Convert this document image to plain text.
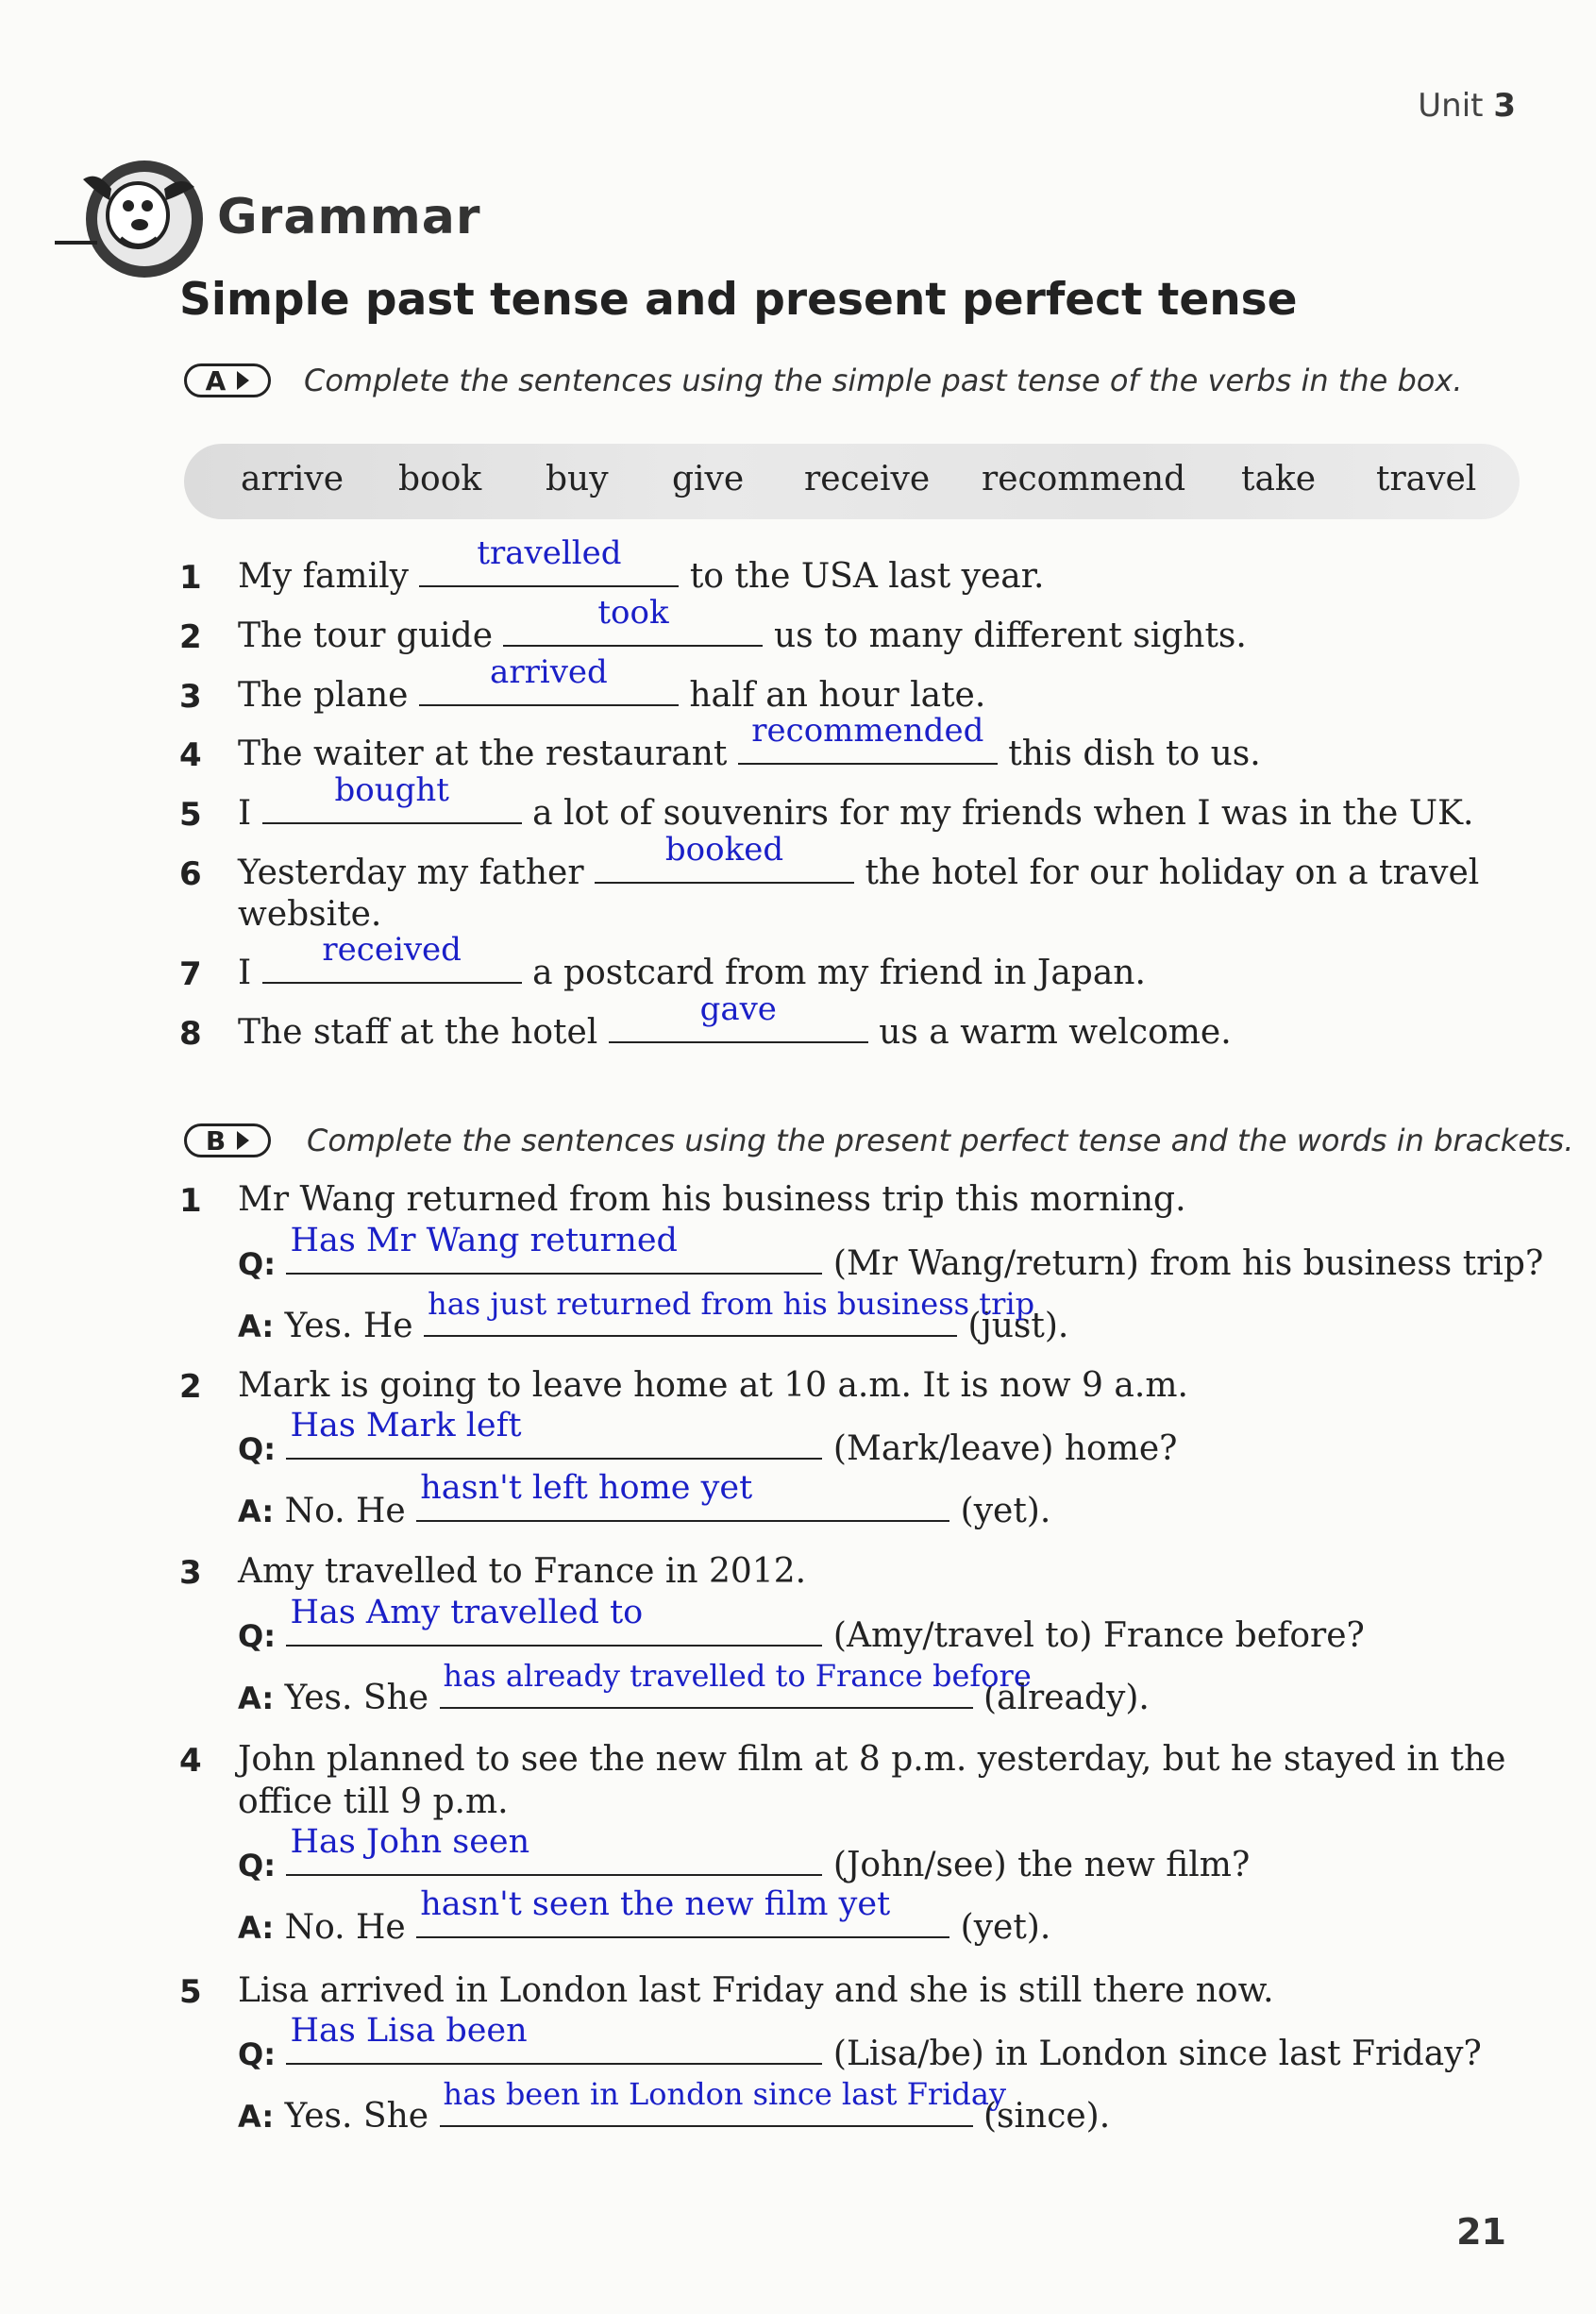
Unit 3
Grammar
Simple past tense and present perfect tense
A	Complete the sentences using the simple past tense of the verbs in the box.
arrive book buy give receive recommend take travel
1 My family
travelled
to the USA last year.
2 The tour guide
took
us to many different sights.
3 The plane
arrived
half an hour late.
4 The waiter at the restaurant
recommended
this dish to us.
5 I
bought
a lot of souvenirs for my friends when I was in the UK.
6 Yesterday my father
booked
the hotel for our holiday on a travel
website.
7 I
received
a postcard from my friend in Japan.
8 The staff at the hotel
gave
us a warm welcome.
B	Complete the sentences using the present perfect tense and the words in brackets.
1 Mr Wang returned from his business trip this morning.
Q:
Has Mr Wang returned
(Mr Wang/return) from his business trip?
A: Yes. He
has just returned from his business trip
(just).
2 Mark is going to leave home at 10 a.m. It is now 9 a.m.
Q:
Has Mark left
(Mark/leave) home?
A: No. He
hasn't left home yet
(yet).
3 Amy travelled to France in 2012.
Q:
Has Amy travelled to
(Amy/travel to) France before?
A: Yes. She
has already travelled to France before
(already).
4 John planned to see the new film at 8 p.m. yesterday, but he stayed in the
office till 9 p.m.
Q:
Has John seen
(John/see) the new film?
A: No. He
hasn't seen the new film yet
(yet).
5 Lisa arrived in London last Friday and she is still there now.
Q:
Has Lisa been
(Lisa/be) in London since last Friday?
A: Yes. She
has been in London since last Friday
(since).
21
